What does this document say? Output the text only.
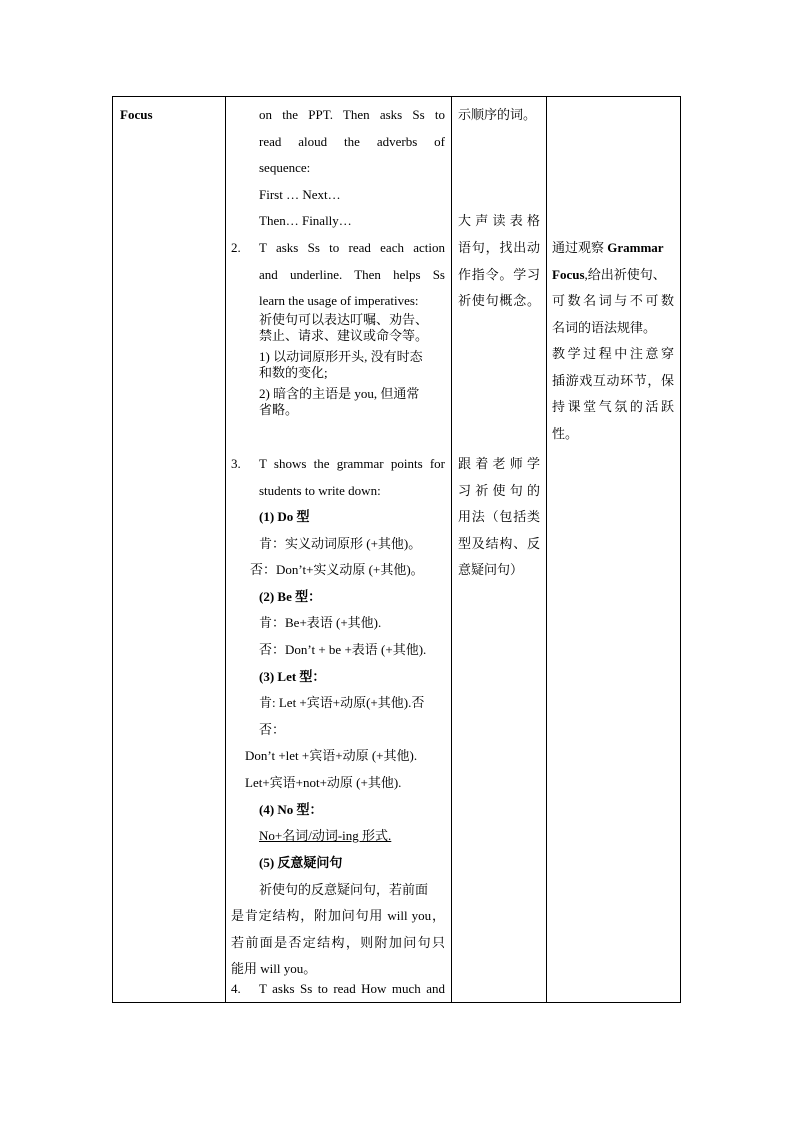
Focus	on the PPT. Then asks Ss to
read aloud the adverbs of
sequence:
First … Next…
Then… Finally…
2. T asks Ss to read each action
and underline. Then helps Ss
learn the usage of imperatives:
祈使句可以表达叮嘱、劝告、
禁止、请求、建议或命令等。
1) 以动词原形开头, 没有时态
和数的变化;
2) 暗含的主语是 you, 但通常
省略。
3. T shows the grammar points for
students to write down:
(1) Do 型
肯：实义动词原形 (+其他)。
否：Don’t+实义动原 (+其他)。
(2) Be 型：
肯：Be+表语 (+其他).
否：Don’t + be +表语 (+其他).
(3) Let 型：
肯: Let +宾语+动原(+其他).否
否：
Don’t +let +宾语+动原 (+其他).
Let+宾语+not+动原 (+其他).
(4) No 型：
No+名词/动词-ing 形式.
(5) 反意疑问句
祈使句的反意疑问句，若前面
是肯定结构，附加问句用 will you，
若前面是否定结构，则附加问句只
能用 will you。
4. T asks Ss to read How much and
示顺序的词。
大声读表格
语句，找出动
作指令。学习
祈使句概念。
跟着老师学
习祈使句的
用法（包括类
型及结构、反
意疑问句）
通过观察 Grammar
Focus,给出祈使句、
可数名词与不可数
名词的语法规律。
教学过程中注意穿
插游戏互动环节，保
持课堂气氛的活跃
性。
